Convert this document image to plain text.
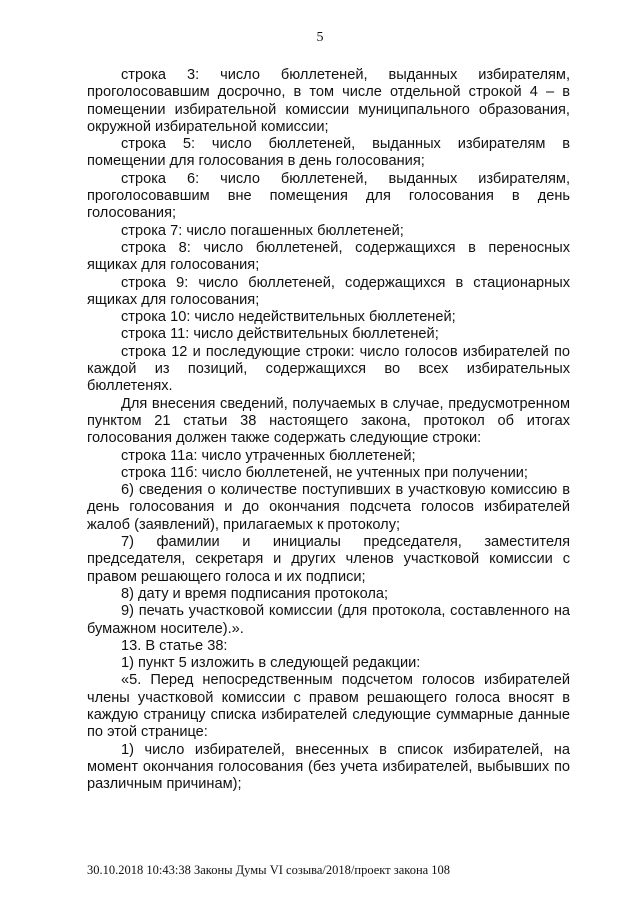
5

строка 3: число бюллетеней, выданных избирателям, проголосовавшим досрочно, в том числе отдельной строкой 4 – в помещении избирательной комиссии муниципального образования, окружной избирательной комиссии;

строка 5: число бюллетеней, выданных избирателям в помещении для голосования в день голосования;

строка 6: число бюллетеней, выданных избирателям, проголосовавшим вне помещения для голосования в день голосования;

строка 7: число погашенных бюллетеней;

строка 8: число бюллетеней, содержащихся в переносных ящиках для голосования;

строка 9: число бюллетеней, содержащихся в стационарных ящиках для голосования;

строка 10: число недействительных бюллетеней;

строка 11: число действительных бюллетеней;

строка 12 и последующие строки: число голосов избирателей по каждой из позиций, содержащихся во всех избирательных бюллетенях.

Для внесения сведений, получаемых в случае, предусмотренном пунктом 21 статьи 38 настоящего закона, протокол об итогах голосования должен также содержать следующие строки:

строка 11а: число утраченных бюллетеней;

строка 11б: число бюллетеней, не учтенных при получении;

6) сведения о количестве поступивших в участковую комиссию в день голосования и до окончания подсчета голосов избирателей жалоб (заявлений), прилагаемых к протоколу;

7) фамилии и инициалы председателя, заместителя председателя, секретаря и других членов участковой комиссии с правом решающего голоса и их подписи;

8) дату и время подписания протокола;

9) печать участковой комиссии (для протокола, составленного на бумажном носителе).».

13. В статье 38:

1) пункт 5 изложить в следующей редакции:

«5. Перед непосредственным подсчетом голосов избирателей члены участковой комиссии с правом решающего голоса вносят в каждую страницу списка избирателей следующие суммарные данные по этой странице:

1) число избирателей, внесенных в список избирателей, на момент окончания голосования (без учета избирателей, выбывших по различным причинам);

30.10.2018 10:43:38 Законы Думы VI созыва/2018/проект закона 108
